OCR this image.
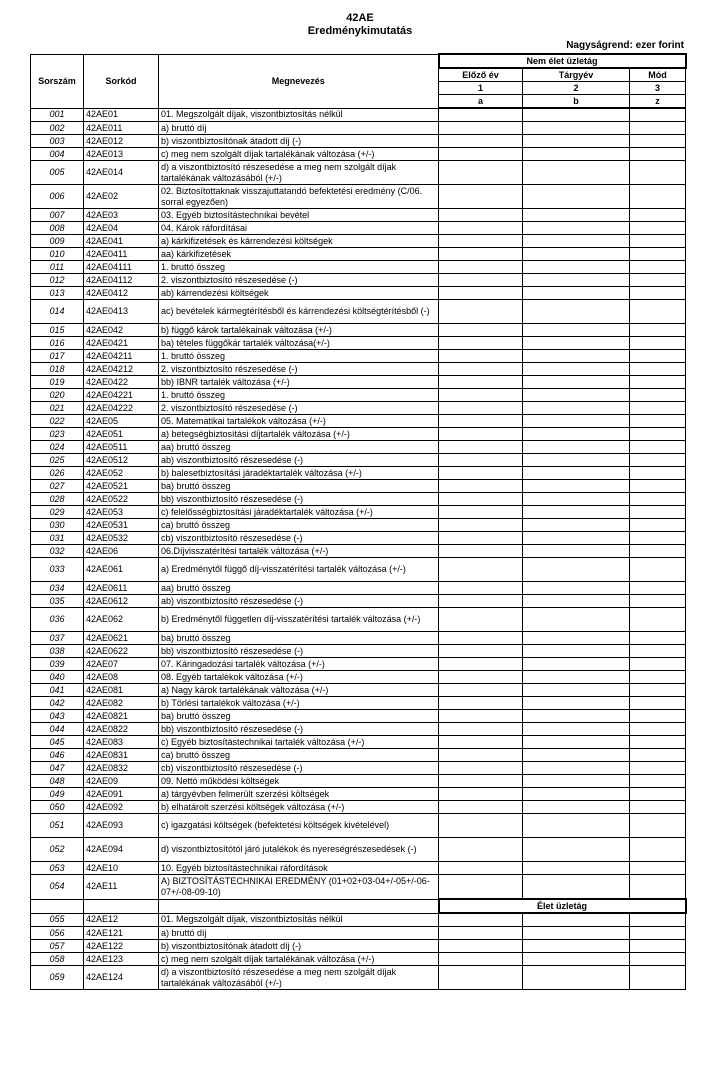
42AE
Eredménykimutatás
Nagyságrend: ezer forint
Sorszám	Sorkód	Megnevezés	Nem élet üzletág		
			Előző év	Tárgyév	Mód
			1	2	3
			a	b	z
001	42AE01	01. Megszolgált díjak, viszontbiztosítás nélkül			
002	42AE011	a) bruttó díj			
003	42AE012	b) viszontbiztosítónak átadott díj (-)			
004	42AE013	c) meg nem szolgált díjak tartalékának változása (+/-)			
005	42AE014	d) a viszontbiztosító részesedése a meg nem szolgált díjak tartalékának változásából (+/-)			
006	42AE02	02. Biztosítottaknak visszajuttatandó befektetési eredmény (C/06. sorral egyezően)			
007	42AE03	03. Egyéb biztosítástechnikai bevétel			
008	42AE04	04. Károk ráfordításai			
009	42AE041	a) kárkifizetések és kárrendezési költségek			
010	42AE0411	aa) kárkifizetések			
011	42AE04111	1. bruttó összeg			
012	42AE04112	2. viszontbiztosító részesedése (-)			
013	42AE0412	ab) kárrendezési költségek			
014	42AE0413	ac) bevételek kármegtérítésből és kárrendezési költségtérítésből (-)			
015	42AE042	b) függő károk tartalékainak változása (+/-)			
016	42AE0421	ba) tételes függőkár tartalék változása(+/-)			
017	42AE04211	1. bruttó összeg			
018	42AE04212	2. viszontbiztosító részesedése (-)			
019	42AE0422	bb) IBNR tartalék változása (+/-)			
020	42AE04221	1. bruttó összeg			
021	42AE04222	2. viszontbiztosító részesedése (-)			
022	42AE05	05. Matematikai tartalékok változása (+/-)			
023	42AE051	a) betegségbiztosítási díjtartalék változása (+/-)			
024	42AE0511	aa) bruttó összeg			
025	42AE0512	ab) viszontbiztosító részesedése (-)			
026	42AE052	b) balesetbiztosítási járadéktartalék változása (+/-)			
027	42AE0521	ba) bruttó összeg			
028	42AE0522	bb) viszontbiztosító részesedése (-)			
029	42AE053	c) felelősségbiztosítási járadéktartalék változása (+/-)			
030	42AE0531	ca) bruttó összeg			
031	42AE0532	cb) viszontbiztosító részesedése (-)			
032	42AE06	06.Díjvisszatérítési tartalék változása (+/-)			
033	42AE061	a) Eredménytől függő díj-visszatérítési tartalék változása (+/-)			
034	42AE0611	aa) bruttó összeg			
035	42AE0612	ab) viszontbiztosító részesedése (-)			
036	42AE062	b) Eredménytől független díj-visszatérítési tartalék változása (+/-)			
037	42AE0621	ba) bruttó összeg			
038	42AE0622	bb) viszontbiztosító részesedése (-)			
039	42AE07	07. Káringadozási tartalék változása (+/-)			
040	42AE08	08. Egyéb tartalékok változása (+/-)			
041	42AE081	a) Nagy károk tartalékának változása (+/-)			
042	42AE082	b) Törlési tartalékok változása (+/-)			
043	42AE0821	ba) bruttó összeg			
044	42AE0822	bb) viszontbiztosító részesedése (-)			
045	42AE083	c) Egyéb biztosítástechnikai tartalék változása (+/-)			
046	42AE0831	ca) bruttó összeg			
047	42AE0832	cb) viszontbiztosító részesedése (-)			
048	42AE09	09. Nettó működési költségek			
049	42AE091	a) tárgyévben felmerült szerzési költségek			
050	42AE092	b) elhatárolt szerzési költségek változása (+/-)			
051	42AE093	c) igazgatási költségek (befektetési költségek kivételével)			
052	42AE094	d) viszontbiztosítótól járó jutalékok és nyereségrészesedések (-)			
053	42AE10	10. Egyéb biztosítástechnikai ráfordítások			
054	42AE11	A) BIZTOSÍTÁSTECHNIKAI EREDMÉNY (01+02+03-04+/-05+/-06-07+/-08-09-10)			
			Élet üzletág		
055	42AE12	01. Megszolgált díjak, viszontbiztosítás nélkül			
056	42AE121	a) bruttó díj			
057	42AE122	b) viszontbiztosítónak átadott díj (-)			
058	42AE123	c) meg nem szolgált díjak tartalékának változása (+/-)			
059	42AE124	d) a viszontbiztosító részesedése a meg nem szolgált díjak tartalékának változásából (+/-)			
